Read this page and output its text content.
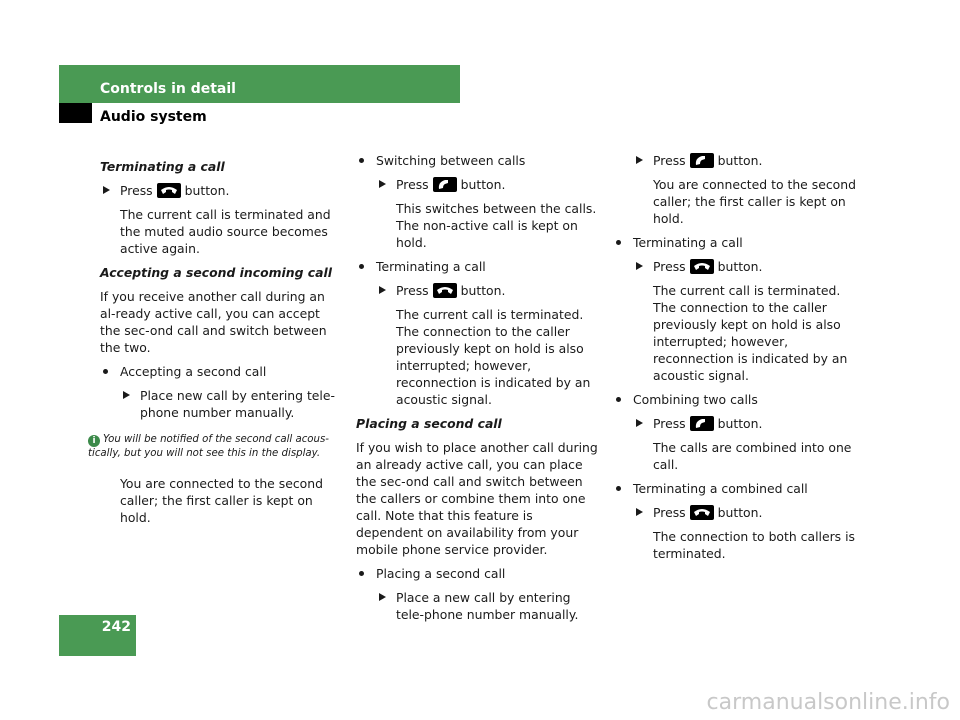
Controls in detail
Audio system
Terminating a call
Press	button.
The current call is terminated and the muted audio source becomes active again.
Accepting a second incoming call
If you receive another call during an al-ready active call, you can accept the sec-ond call and switch between the two.
Accepting a second call
Place new call by entering tele-phone number manually.
i You will be notified of the second call acous-tically, but you will not see this in the display.
You are connected to the second caller; the first caller is kept on hold.
Switching between calls
Press	button.
This switches between the calls. The non-active call is kept on hold.
Terminating a call
Press	button.
The current call is terminated. The connection to the caller previously kept on hold is also interrupted; however, reconnection is indicated by an acoustic signal.
Placing a second call
If you wish to place another call during an already active call, you can place the sec-ond call and switch between the callers or combine them into one call. Note that this feature is dependent on availability from your mobile phone service provider.
Placing a second call
Place a new call by entering tele-phone number manually.
Press	button.
You are connected to the second caller; the first caller is kept on hold.
Terminating a call
Press	button.
The current call is terminated. The connection to the caller previously kept on hold is also interrupted; however, reconnection is indicated by an acoustic signal.
Combining two calls
Press	button.
The calls are combined into one call.
Terminating a combined call
Press	button.
The connection to both callers is terminated.
242
carmanualsonline.info
